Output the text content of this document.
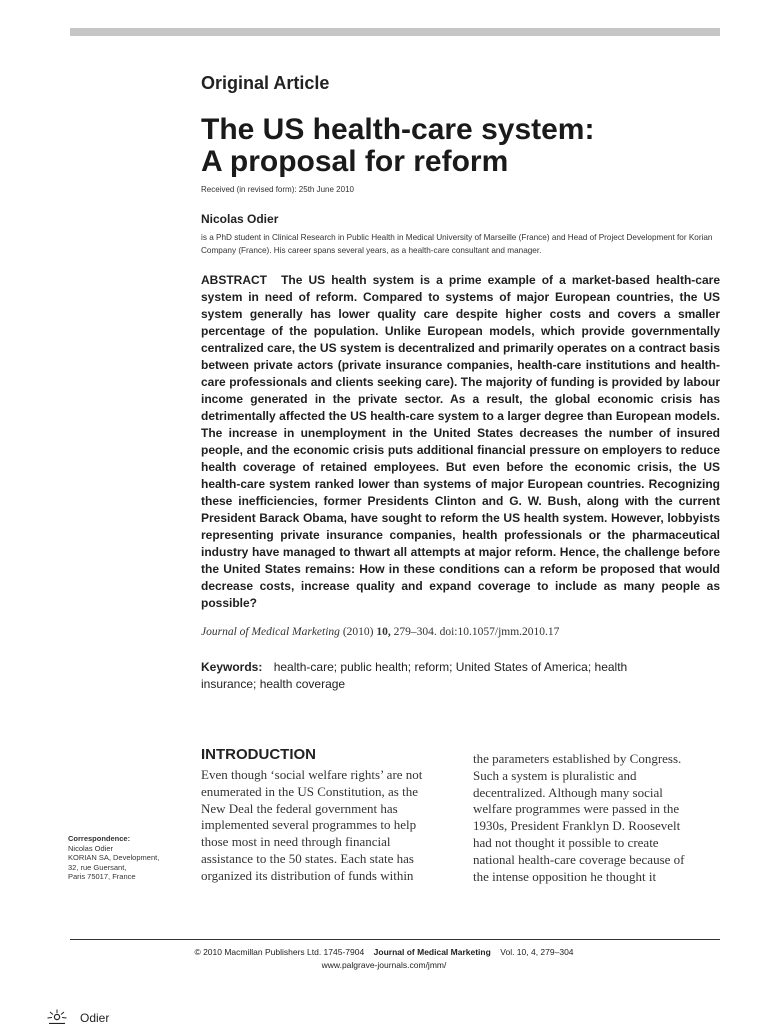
Original Article
The US health-care system:
A proposal for reform
Received (in revised form): 25th June 2010
Nicolas Odier
is a PhD student in Clinical Research in Public Health in Medical University of Marseille (France) and Head of Project Development for Korian Company (France). His career spans several years, as a health-care consultant and manager.

ABSTRACT The US health system is a prime example of a market-based health-care system in need of reform. Compared to systems of major European countries, the US system generally has lower quality care despite higher costs and covers a smaller percentage of the population. Unlike European models, which provide governmentally centralized care, the US system is decentralized and primarily operates on a contract basis between private actors (private insurance companies, health-care institutions and health-care professionals and clients seeking care). The majority of funding is provided by labour income generated in the private sector. As a result, the global economic crisis has detrimentally affected the US health-care system to a larger degree than European models. The increase in unemployment in the United States decreases the number of insured people, and the economic crisis puts additional financial pressure on employers to reduce health coverage of retained employees. But even before the economic crisis, the US health-care system ranked lower than systems of major European countries. Recognizing these inefficiencies, former Presidents Clinton and G. W. Bush, along with the current President Barack Obama, have sought to reform the US health system. However, lobbyists representing private insurance companies, health professionals or the pharmaceutical industry have managed to thwart all attempts at major reform. Hence, the challenge before the United States remains: How in these conditions can a reform be proposed that would decrease costs, increase quality and expand coverage to include as many people as possible?

Journal of Medical Marketing (2010) 10, 279–304. doi:10.1057/jmm.2010.17
Keywords: health-care; public health; reform; United States of America; health insurance; health coverage
INTRODUCTION

Even though ‘social welfare rights’ are not
enumerated in the US Constitution, as the
New Deal the federal government has
implemented several programmes to help
those most in need through financial
assistance to the 50 states. Each state has
organized its distribution of funds within

the parameters established by Congress.
Such a system is pluralistic and
decentralized. Although many social
welfare programmes were passed in the
1930s, President Franklyn D. Roosevelt
had not thought it possible to create
national health-care coverage because of
the intense opposition he thought it

Correspondence:
Nicolas Odier
KORIAN SA, Development,
32, rue Guersant,
Paris 75017, France
© 2010 Macmillan Publishers Ltd. 1745-7904 Journal of Medical Marketing Vol. 10, 4, 279–304
www.palgrave-journals.com/jmm/
Odier
